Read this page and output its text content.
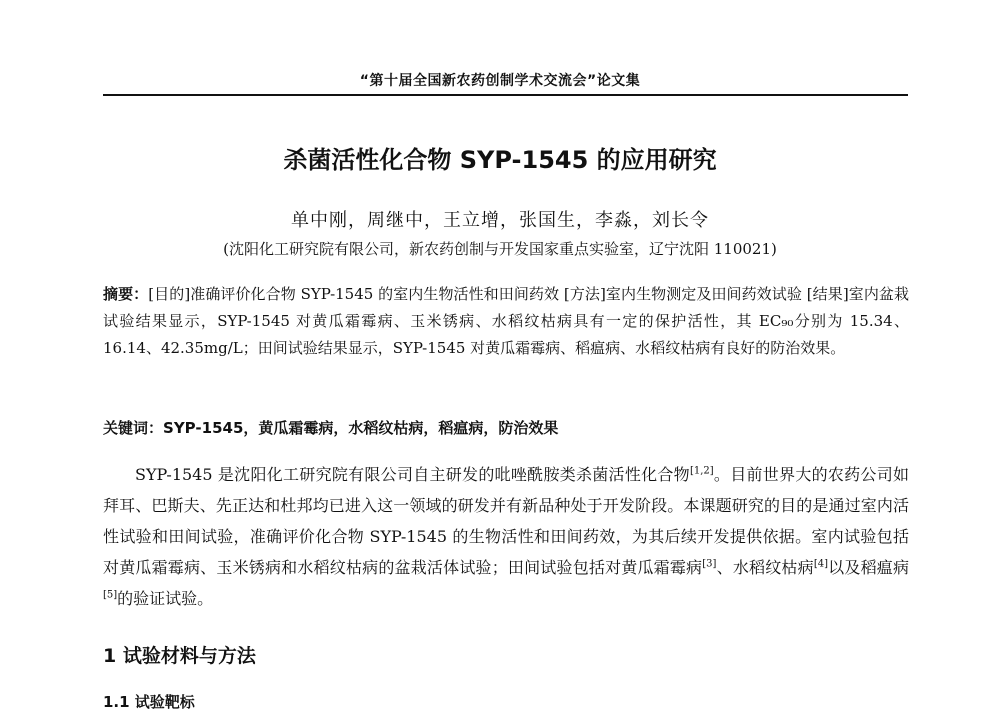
“第十届全国新农药创制学术交流会”论文集
杀菌活性化合物 SYP-1545 的应用研究
单中刚，周继中，王立增，张国生，李淼，刘长令
(沈阳化工研究院有限公司，新农药创制与开发国家重点实验室，辽宁沈阳 110021)
摘要：[目的]准确评价化合物 SYP-1545 的室内生物活性和田间药效 [方法]室内生物测定及田间药效试验 [结果]室内盆栽试验结果显示，SYP-1545 对黄瓜霜霉病、玉米锈病、水稻纹枯病具有一定的保护活性，其 EC₉₀分别为 15.34、16.14、42.35mg/L；田间试验结果显示，SYP-1545 对黄瓜霜霉病、稻瘟病、水稻纹枯病有良好的防治效果。
关键词：SYP-1545，黄瓜霜霉病，水稻纹枯病，稻瘟病，防治效果
SYP-1545 是沈阳化工研究院有限公司自主研发的吡唑酰胺类杀菌活性化合物[1,2]。目前世界大的农药公司如拜耳、巴斯夫、先正达和杜邦均已进入这一领域的研发并有新品种处于开发阶段。本课题研究的目的是通过室内活性试验和田间试验，准确评价化合物 SYP-1545 的生物活性和田间药效，为其后续开发提供依据。室内试验包括对黄瓜霜霉病、玉米锈病和水稻纹枯病的盆栽活体试验；田间试验包括对黄瓜霜霉病[3]、水稻纹枯病[4]以及稻瘟病[5]的验证试验。
1 试验材料与方法
1.1 试验靶标
